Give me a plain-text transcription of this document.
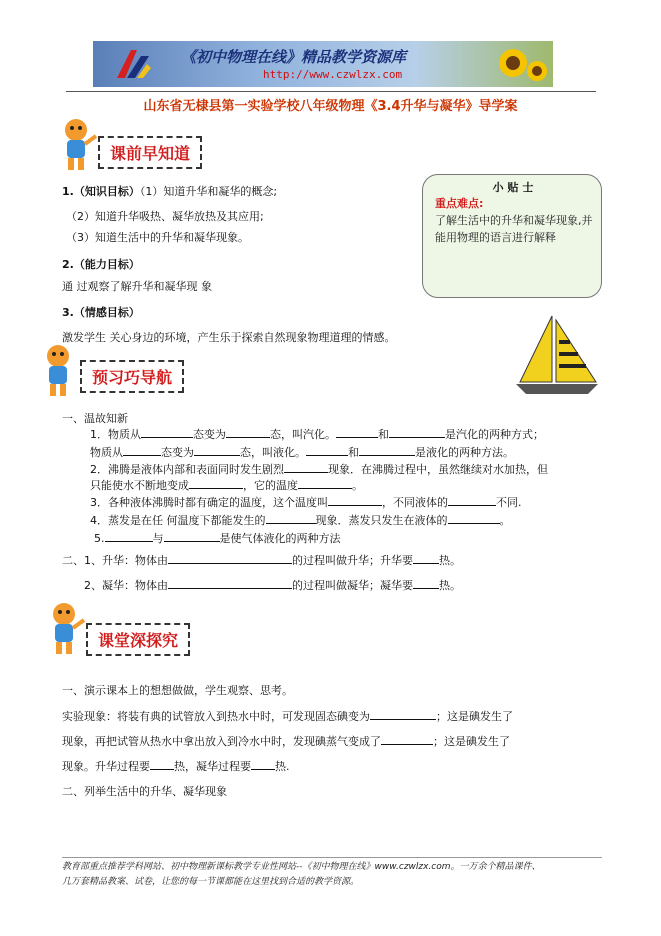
《初中物理在线》精品教学资源库
http://www.czwlzx.com
山东省无棣县第一实验学校八年级物理《3.4升华与凝华》导学案
课前早知道
1.（知识目标）（1）知道升华和凝华的概念;
（2）知道升华吸热、凝华放热及其应用;
（3）知道生活中的升华和凝华现象。
2.（能力目标）
通 过观察了解升华和凝华现 象
3.（情感目标）
激发学生 关心身边的环境，产生乐于探索自然现象物理道理的情感。
小 贴 士
重点难点:
了解生活中的升华和凝华现象,并能用物理的语言进行解释
预习巧导航
一、温故知新
1．物质从	态变为	态，叫汽化。	和	是汽化的两种方式；
物质从	态变为	态，叫液化。	和	是液化的两种方法。
2．沸腾是液体内部和表面同时发生剧烈	现象．在沸腾过程中，虽然继续对水加热，但
只能使水不断地变成	，它的温度	。
3．各种液体沸腾时都有确定的温度，这个温度叫	，不同液体的	不同.
4．蒸发是在任 何温度下都能发生的	现象．蒸发只发生在液体的	。
5.	与	是使气体液化的两种方法
二、1、升华：物体由	的过程叫做升华；升华要 热。
2、凝华：物体由	的过程叫做凝华；凝华要 热。
课堂深探究
一、演示课本上的想想做做，学生观察、思考。
实验现象：将装有典的试管放入到热水中时，可发现固态碘变为	；这是碘发生了
现象，再把试管从热水中拿出放入到冷水中时，发现碘蒸气变成了	；这是碘发生了
现象。升华过程要 热，凝华过程要 热.
二、列举生活中的升华、凝华现象
教育部重点推荐学科网站、初中物理新课标教学专业性网站--《初中物理在线》www.czwlzx.com。一万余个精品课件、
几万套精品教案、试卷，让您的每一节课都能在这里找到合适的教学资源。
